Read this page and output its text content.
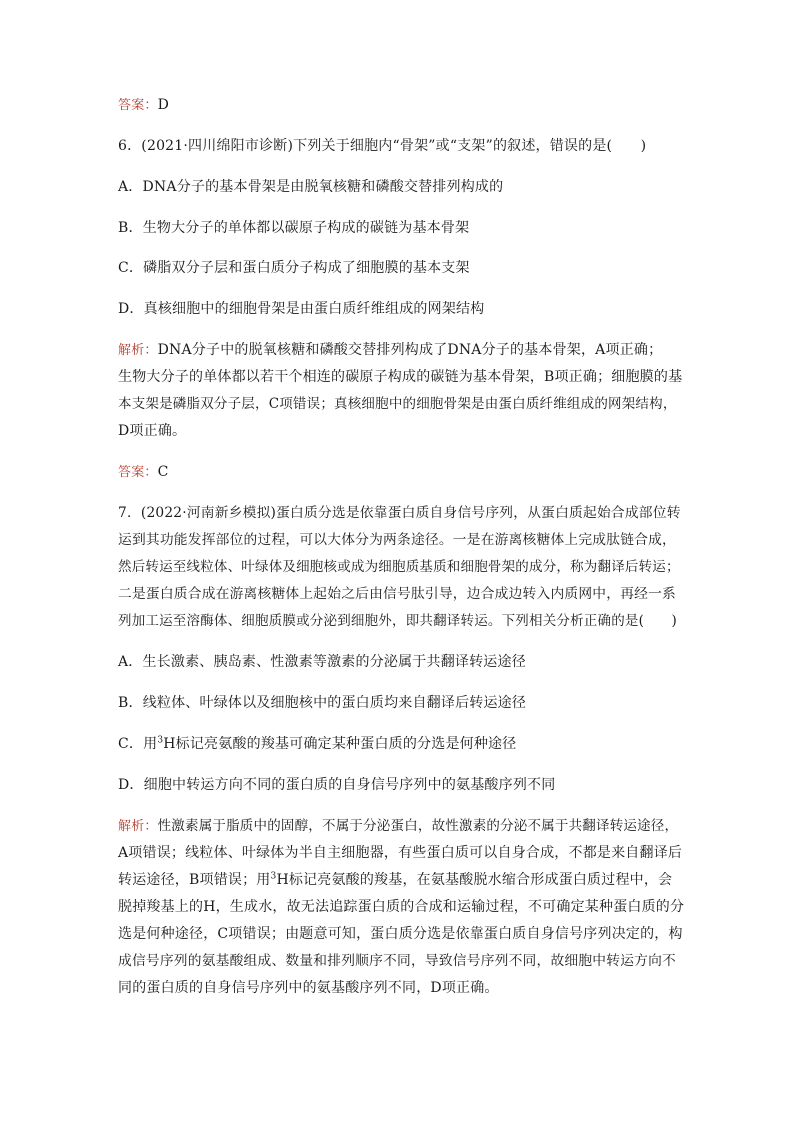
答案：D
6．(2021·四川绵阳市诊断)下列关于细胞内“骨架”或“支架”的叙述，错误的是(　　)
A．DNA分子的基本骨架是由脱氧核糖和磷酸交替排列构成的
B．生物大分子的单体都以碳原子构成的碳链为基本骨架
C．磷脂双分子层和蛋白质分子构成了细胞膜的基本支架
D．真核细胞中的细胞骨架是由蛋白质纤维组成的网架结构
解析：DNA分子中的脱氧核糖和磷酸交替排列构成了DNA分子的基本骨架，A项正确；
生物大分子的单体都以若干个相连的碳原子构成的碳链为基本骨架，B项正确；细胞膜的基
本支架是磷脂双分子层，C项错误；真核细胞中的细胞骨架是由蛋白质纤维组成的网架结构，
D项正确。
答案：C
7．(2022·河南新乡模拟)蛋白质分选是依靠蛋白质自身信号序列，从蛋白质起始合成部位转
运到其功能发挥部位的过程，可以大体分为两条途径。一是在游离核糖体上完成肽链合成，
然后转运至线粒体、叶绿体及细胞核或成为细胞质基质和细胞骨架的成分，称为翻译后转运；
二是蛋白质合成在游离核糖体上起始之后由信号肽引导，边合成边转入内质网中，再经一系
列加工运至溶酶体、细胞质膜或分泌到细胞外，即共翻译转运。下列相关分析正确的是(　　)
A．生长激素、胰岛素、性激素等激素的分泌属于共翻译转运途径
B．线粒体、叶绿体以及细胞核中的蛋白质均来自翻译后转运途径
C．用$^3$H标记亮氨酸的羧基可确定某种蛋白质的分选是何种途径
D．细胞中转运方向不同的蛋白质的自身信号序列中的氨基酸序列不同
解析：性激素属于脂质中的固醇，不属于分泌蛋白，故性激素的分泌不属于共翻译转运途径，
A项错误；线粒体、叶绿体为半自主细胞器，有些蛋白质可以自身合成，不都是来自翻译后
转运途径，B项错误；用$^3$H标记亮氨酸的羧基，在氨基酸脱水缩合形成蛋白质过程中，会
脱掉羧基上的H，生成水，故无法追踪蛋白质的合成和运输过程，不可确定某种蛋白质的分
选是何种途径，C项错误；由题意可知，蛋白质分选是依靠蛋白质自身信号序列决定的，构
成信号序列的氨基酸组成、数量和排列顺序不同，导致信号序列不同，故细胞中转运方向不
同的蛋白质的自身信号序列中的氨基酸序列不同，D项正确。
